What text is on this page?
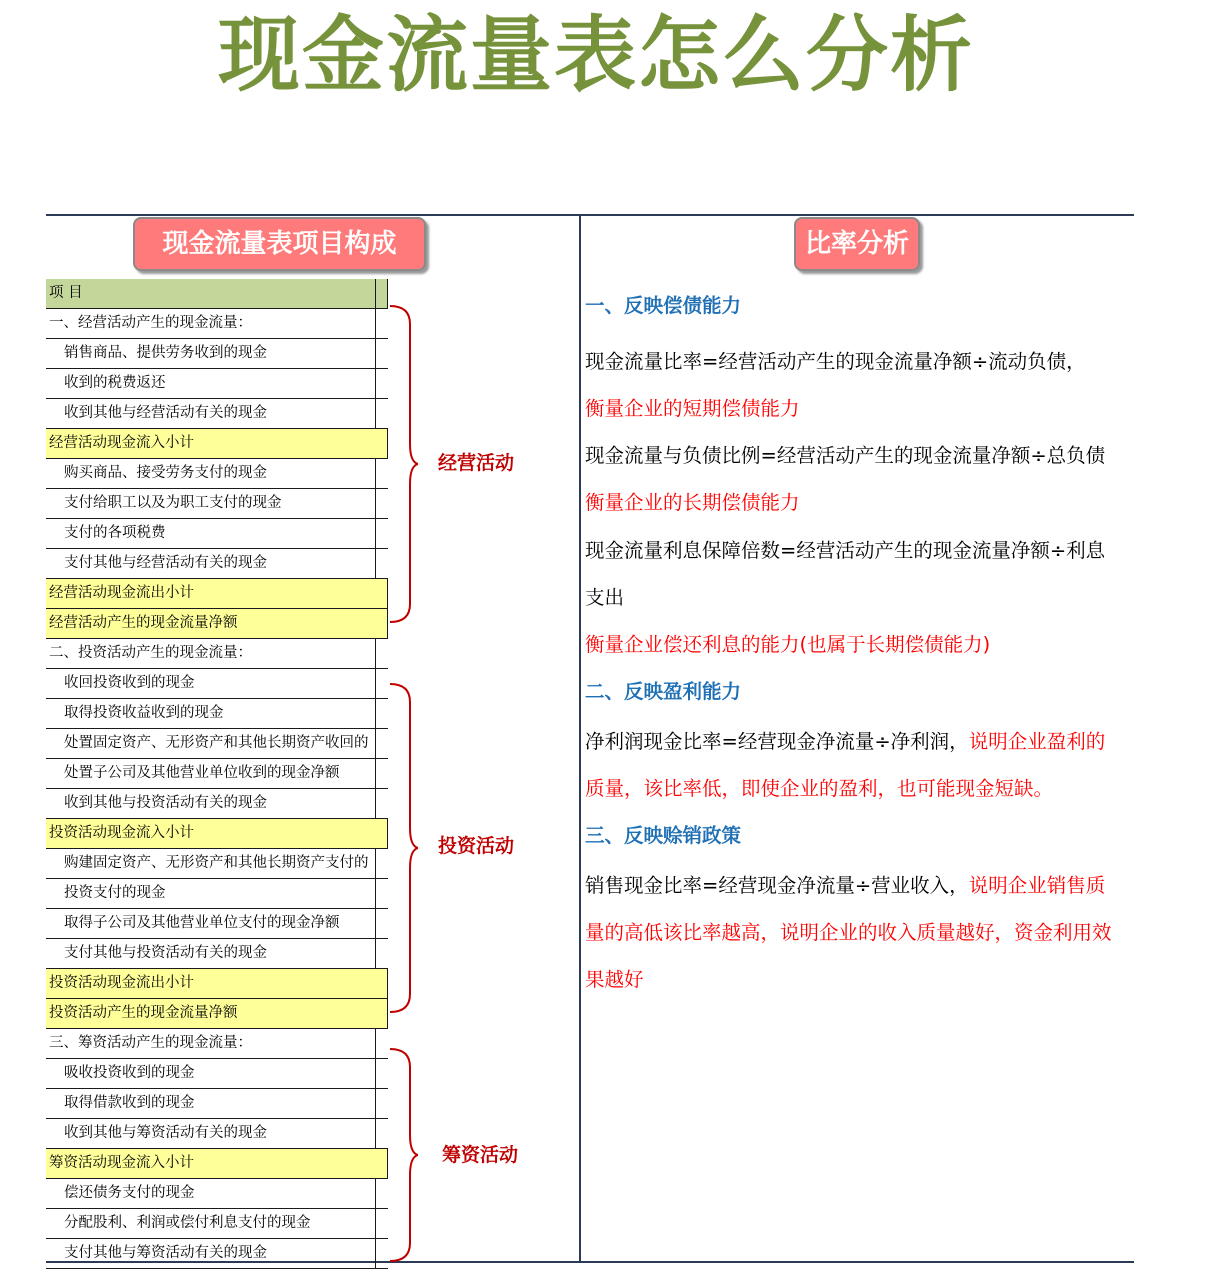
现金流量表怎么分析
现金流量表项目构成	比率分析
项 目
一、经营活动产生的现金流量：
销售商品、提供劳务收到的现金
收到的税费返还
收到其他与经营活动有关的现金
经营活动现金流入小计
购买商品、接受劳务支付的现金
支付给职工以及为职工支付的现金
支付的各项税费
支付其他与经营活动有关的现金
经营活动现金流出小计
经营活动产生的现金流量净额
二、投资活动产生的现金流量：
收回投资收到的现金
取得投资收益收到的现金
处置固定资产、无形资产和其他长期资产收回的
处置子公司及其他营业单位收到的现金净额
收到其他与投资活动有关的现金
投资活动现金流入小计
购建固定资产、无形资产和其他长期资产支付的
投资支付的现金
取得子公司及其他营业单位支付的现金净额
支付其他与投资活动有关的现金
投资活动现金流出小计
投资活动产生的现金流量净额
三、筹资活动产生的现金流量：
吸收投资收到的现金
取得借款收到的现金
收到其他与筹资活动有关的现金
筹资活动现金流入小计
偿还债务支付的现金
分配股利、利润或偿付利息支付的现金
支付其他与筹资活动有关的现金
经营活动
投资活动
筹资活动
一、反映偿债能力
现金流量比率=经营活动产生的现金流量净额÷流动负债，
衡量企业的短期偿债能力
现金流量与负债比例=经营活动产生的现金流量净额÷总负债
衡量企业的长期偿债能力
现金流量利息保障倍数=经营活动产生的现金流量净额÷利息
支出
衡量企业偿还利息的能力(也属于长期偿债能力)
二、反映盈利能力
净利润现金比率=经营现金净流量÷净利润，说明企业盈利的
质量，该比率低，即使企业的盈利，也可能现金短缺。
三、反映赊销政策
销售现金比率=经营现金净流量÷营业收入，说明企业销售质
量的高低该比率越高，说明企业的收入质量越好，资金利用效
果越好
